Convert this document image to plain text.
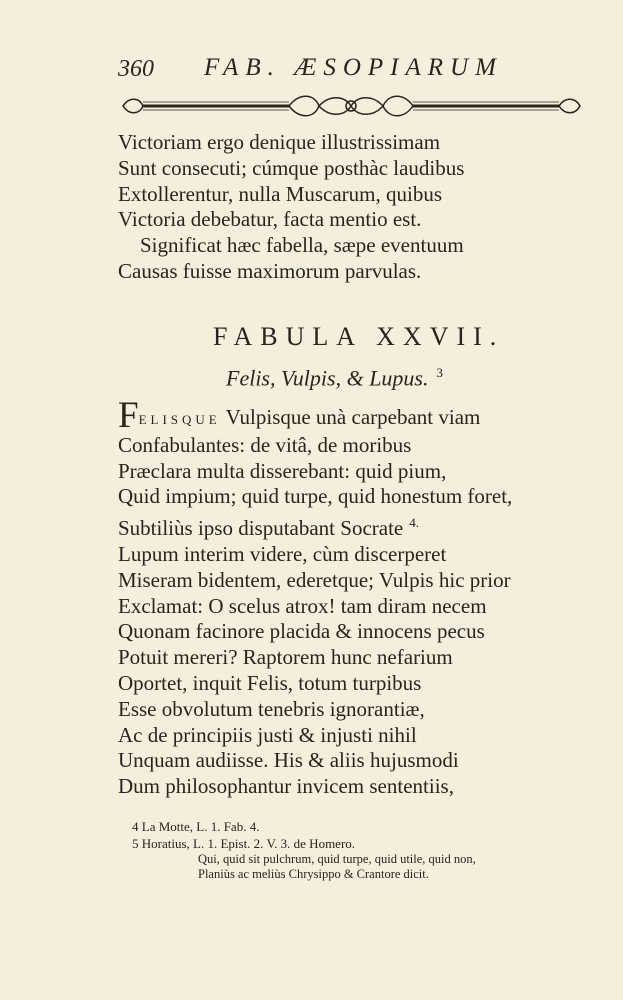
360 FAB. ÆSOPIARUM
Victoriam ergo denique illustrissimam
Sunt consecuti; cúmque posthàc laudibus
Extollerentur, nulla Muscarum, quibus
Victoria debebatur, facta mentio est.
Significat hæc fabella, sæpe eventuum
Causas fuisse maximorum parvulas.
FABULA XXVII.
Felis, Vulpis, & Lupus. $^3$
FELISQUE Vulpisque unà carpebant viam
Confabulantes: de vitâ, de moribus
Præclara multa disserebant: quid pium,
Quid impium; quid turpe, quid honestum foret,
Subtiliùs ipso disputabant Socrate $^{4.}$
Lupum interim videre, cùm discerperet
Miseram bidentem, ederetque; Vulpis hic prior
Exclamat: O scelus atrox! tam diram necem
Quonam facinore placida & innocens pecus
Potuit mereri? Raptorem hunc nefarium
Oportet, inquit Felis, totum turpibus
Esse obvolutum tenebris ignorantiæ,
Ac de principiis justi & injusti nihil
Unquam audiisse. His & aliis hujusmodi
Dum philosophantur invicem sententiis,
4 La Motte, L. 1. Fab. 4.
5 Horatius, L. 1. Epist. 2. V. 3. de Homero.
Qui, quid sit pulchrum, quid turpe, quid utile, quid non,
Planiùs ac meliùs Chrysippo & Crantore dicit.
